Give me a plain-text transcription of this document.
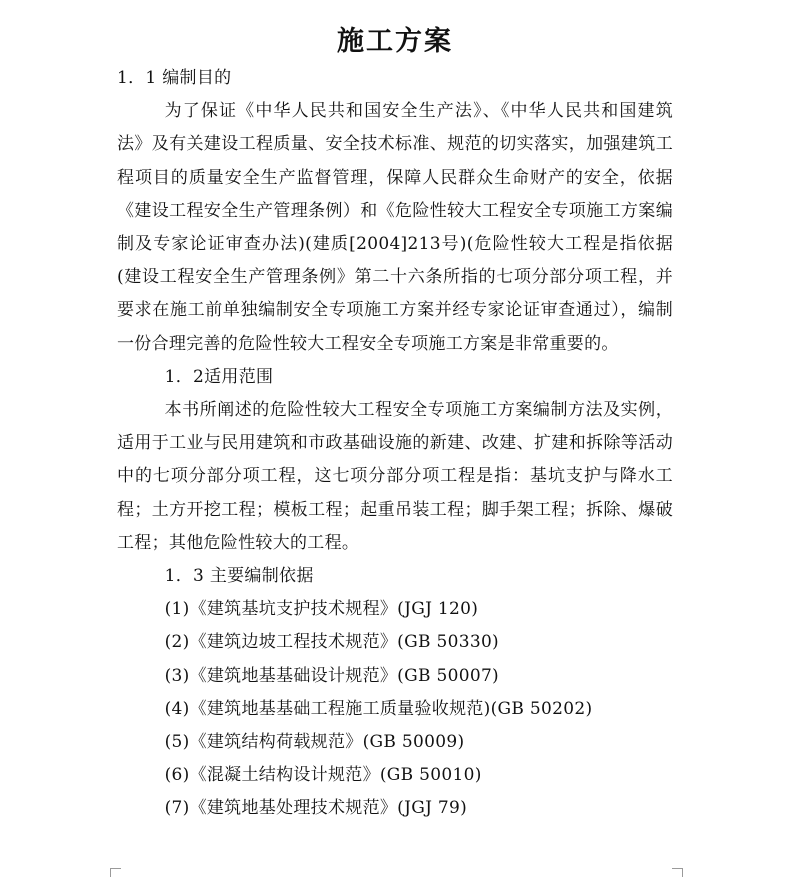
施工方案

1．1 编制目的

为了保证《中华人民共和国安全生产法》、《中华人民共和国建筑法》及有关建设工程质量、安全技术标准、规范的切实落实，加强建筑工程项目的质量安全生产监督管理，保障人民群众生命财产的安全，依据《建设工程安全生产管理条例）和《危险性较大工程安全专项施工方案编制及专家论证审查办法)(建质[2004]213号)(危险性较大工程是指依据(建设工程安全生产管理条例》第二十六条所指的七项分部分项工程，并要求在施工前单独编制安全专项施工方案并经专家论证审查通过），编制一份合理完善的危险性较大工程安全专项施工方案是非常重要的。

1．2适用范围

本书所阐述的危险性较大工程安全专项施工方案编制方法及实例，适用于工业与民用建筑和市政基础设施的新建、改建、扩建和拆除等活动中的七项分部分项工程，这七项分部分项工程是指：基坑支护与降水工程；土方开挖工程；模板工程；起重吊装工程；脚手架工程；拆除、爆破工程；其他危险性较大的工程。

1．3 主要编制依据

(1)《建筑基坑支护技术规程》(JGJ 120)
(2)《建筑边坡工程技术规范》(GB 50330)
(3)《建筑地基基础设计规范》(GB 50007)
(4)《建筑地基基础工程施工质量验收规范)(GB 50202)
(5)《建筑结构荷载规范》(GB 50009)
(6)《混凝土结构设计规范》(GB 50010)
(7)《建筑地基处理技术规范》(JGJ 79)
